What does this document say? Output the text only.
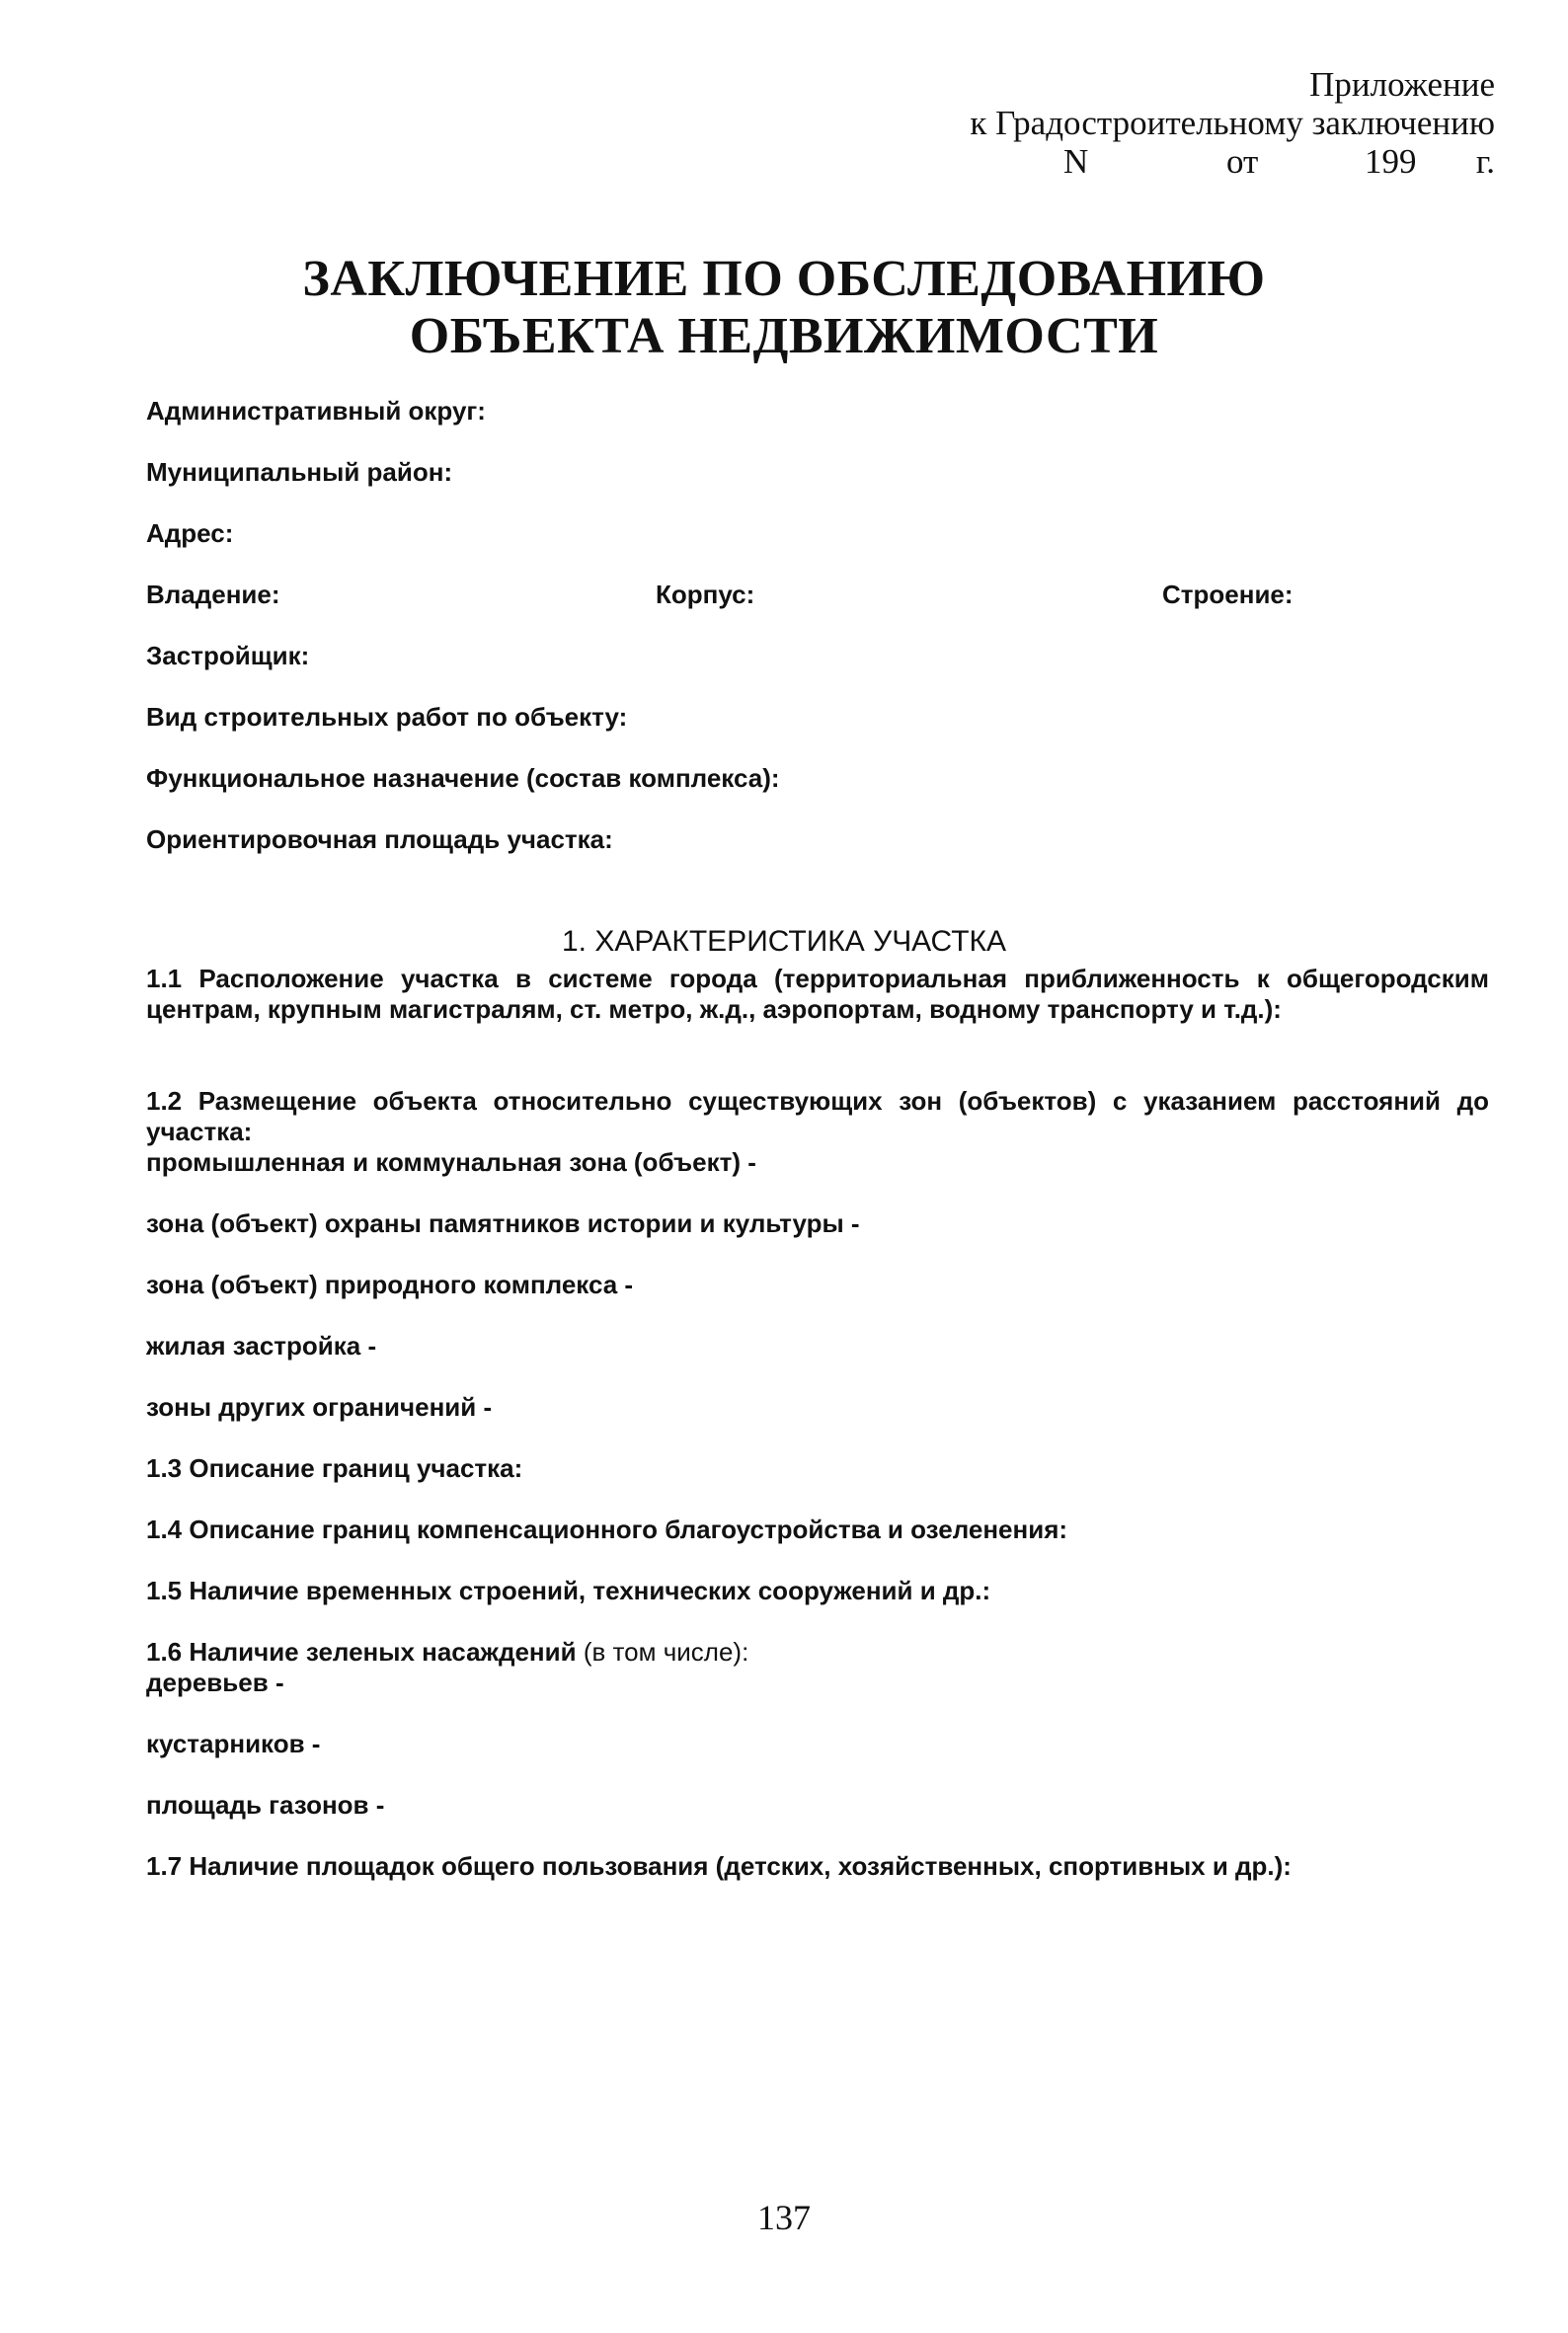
Приложение
к Градостроительному заключению
N	от	199	г.
ЗАКЛЮЧЕНИЕ ПО ОБСЛЕДОВАНИЮ
ОБЪЕКТА НЕДВИЖИМОСТИ
Административный округ:
Муниципальный район:
Адрес:
Владение:	Корпус:	Строение:
Застройщик:
Вид строительных работ по объекту:
Функциональное назначение (состав комплекса):
Ориентировочная площадь участка:
1. ХАРАКТЕРИСТИКА УЧАСТКА
1.1 Расположение участка в системе города (территориальная приближенность к общегородским центрам, крупным магистралям, ст. метро, ж.д., аэропортам, водному транспорту и т.д.):
1.2 Размещение объекта относительно существующих зон (объектов) с указанием расстояний до участка:
промышленная и коммунальная зона (объект) -
зона (объект) охраны памятников истории и культуры -
зона (объект) природного комплекса -
жилая застройка -
зоны других ограничений -
1.3 Описание границ участка:
1.4 Описание границ компенсационного благоустройства и озеленения:
1.5 Наличие временных строений, технических сооружений и др.:
1.6 Наличие зеленых насаждений (в том числе):
деревьев -
кустарников -
площадь газонов -
1.7 Наличие площадок общего пользования (детских, хозяйственных, спортивных и др.):
137
